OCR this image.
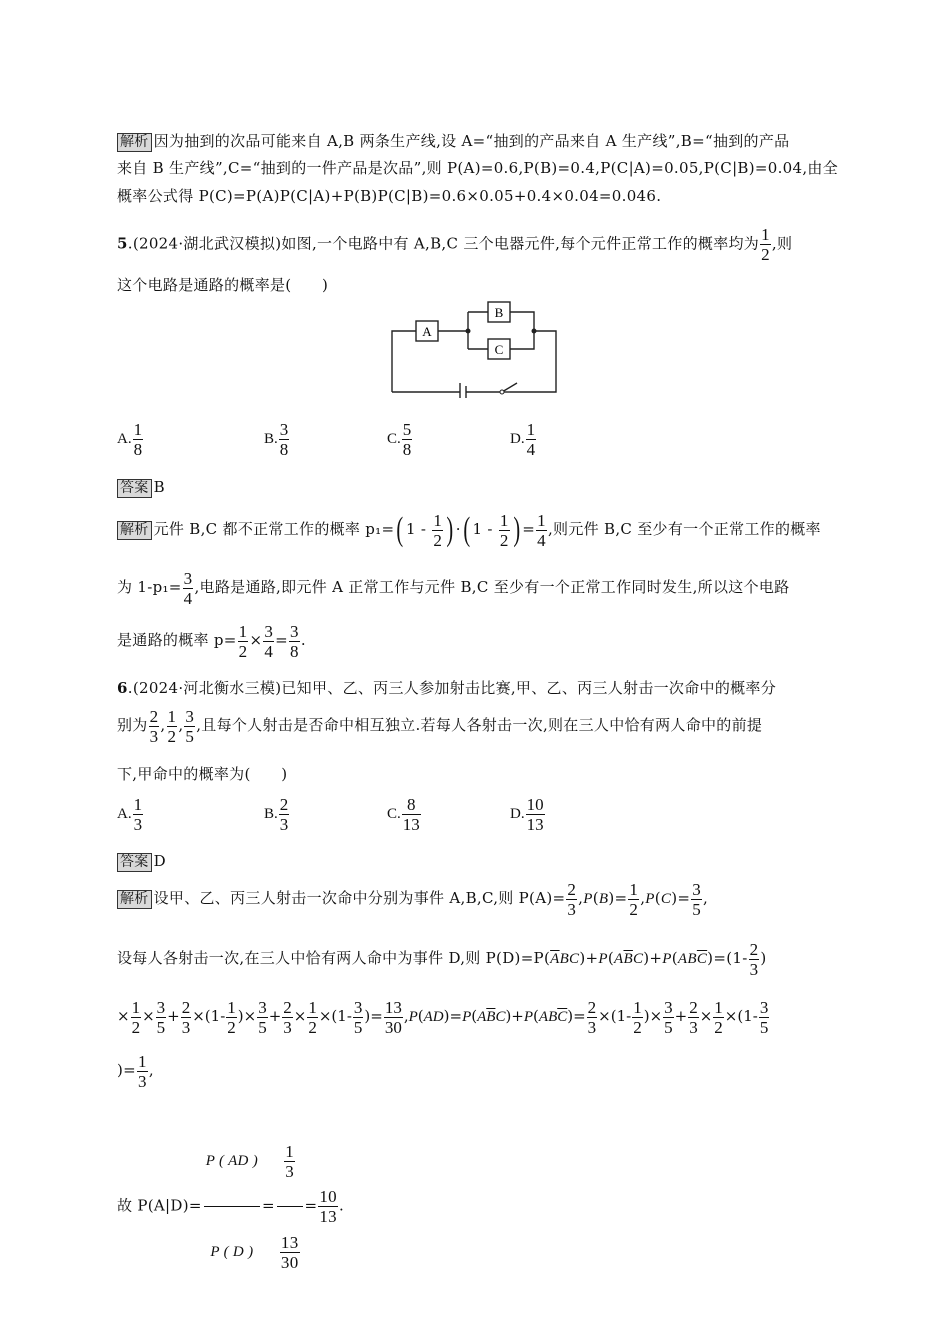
解析 因为抽到的次品可能来自 A,B 两条生产线,设 A=“抽到的产品来自 A 生产线”,B=“抽到的产品
来自 B 生产线”,C=“抽到的一件产品是次品”,则 P(A)=0.6,P(B)=0.4,P(C|A)=0.05,P(C|B)=0.04,由全
概率公式得 P(C)=P(A)P(C|A)+P(B)P(C|B)=0.6×0.05+0.4×0.04=0.046.
5.(2024·湖北武汉模拟)如图,一个电路中有 A,B,C 三个电器元件,每个元件正常工作的概率均为 $\frac{1}{2}$ ,则
这个电路是通路的概率是(　　)
A
B
C
A. $\frac{1}{8}$	B. $\frac{3}{8}$	C. $\frac{5}{8}$	D. $\frac{1}{4}$
答案 B
解析 元件 B,C 都不正常工作的概率 p₁=( $1 - \frac{1}{2}$ ) ·( $1 - \frac{1}{2}$ ) = $\frac{1}{4}$ ,则元件 B,C 至少有一个正常工作的概率
为 $1-p_1= \frac{3}{4}$ ,电路是通路,即元件 A 正常工作与元件 B,C 至少有一个正常工作同时发生,所以这个电路
是通路的概率 $p= \frac{1}{2} \times \frac{3}{4} = \frac{3}{8}$ .
6.(2024·河北衡水三模)已知甲、乙、丙三人参加射击比赛,甲、乙、丙三人射击一次命中的概率分
别为 $\frac{2}{3}$ , $\frac{1}{2}$ , $\frac{3}{5}$ ,且每个人射击是否命中相互独立.若每人各射击一次,则在三人中恰有两人命中的前提
下,甲命中的概率为(　　)
A. $\frac{1}{3}$	B. $\frac{2}{3}$	C. $\frac{8}{13}$	D. $\frac{10}{13}$
答案 D
解析 设甲、乙、丙三人射击一次命中分别为事件 A,B,C,则 $P(A)= \frac{2}{3} ,P(B)= \frac{1}{2} ,P(C)= \frac{3}{5}$ ,
设每人各射击一次,在三人中恰有两人命中为事件 D,则 $P(D)=P(\overline{A}BC)+P(A\overline{B}C)+P(AB\overline{C})=(1- \frac{2}{3}$ )
× $\frac{1}{2} \times \frac{3}{5} + \frac{2}{3} \times(1- \frac{1}{2}$ )× $\frac{3}{5} + \frac{2}{3} \times \frac{1}{2} \times(1- \frac{3}{5}$ )= $\frac{13}{30} ,P(AD)=P(A\overline{B}C)+P(AB\overline{C})= \frac{2}{3} \times(1- \frac{1}{2}$ )× $\frac{3}{5} + \frac{2}{3} \times \frac{1}{2} \times(1- \frac{3}{5}$
)= $\frac{1}{3}$ ,
故 $P(A|D)= \frac{P ( AD )}{P ( D )} = \frac{\frac{1}{3}}{\frac{13}{30}} = \frac{10}{13}$ .
